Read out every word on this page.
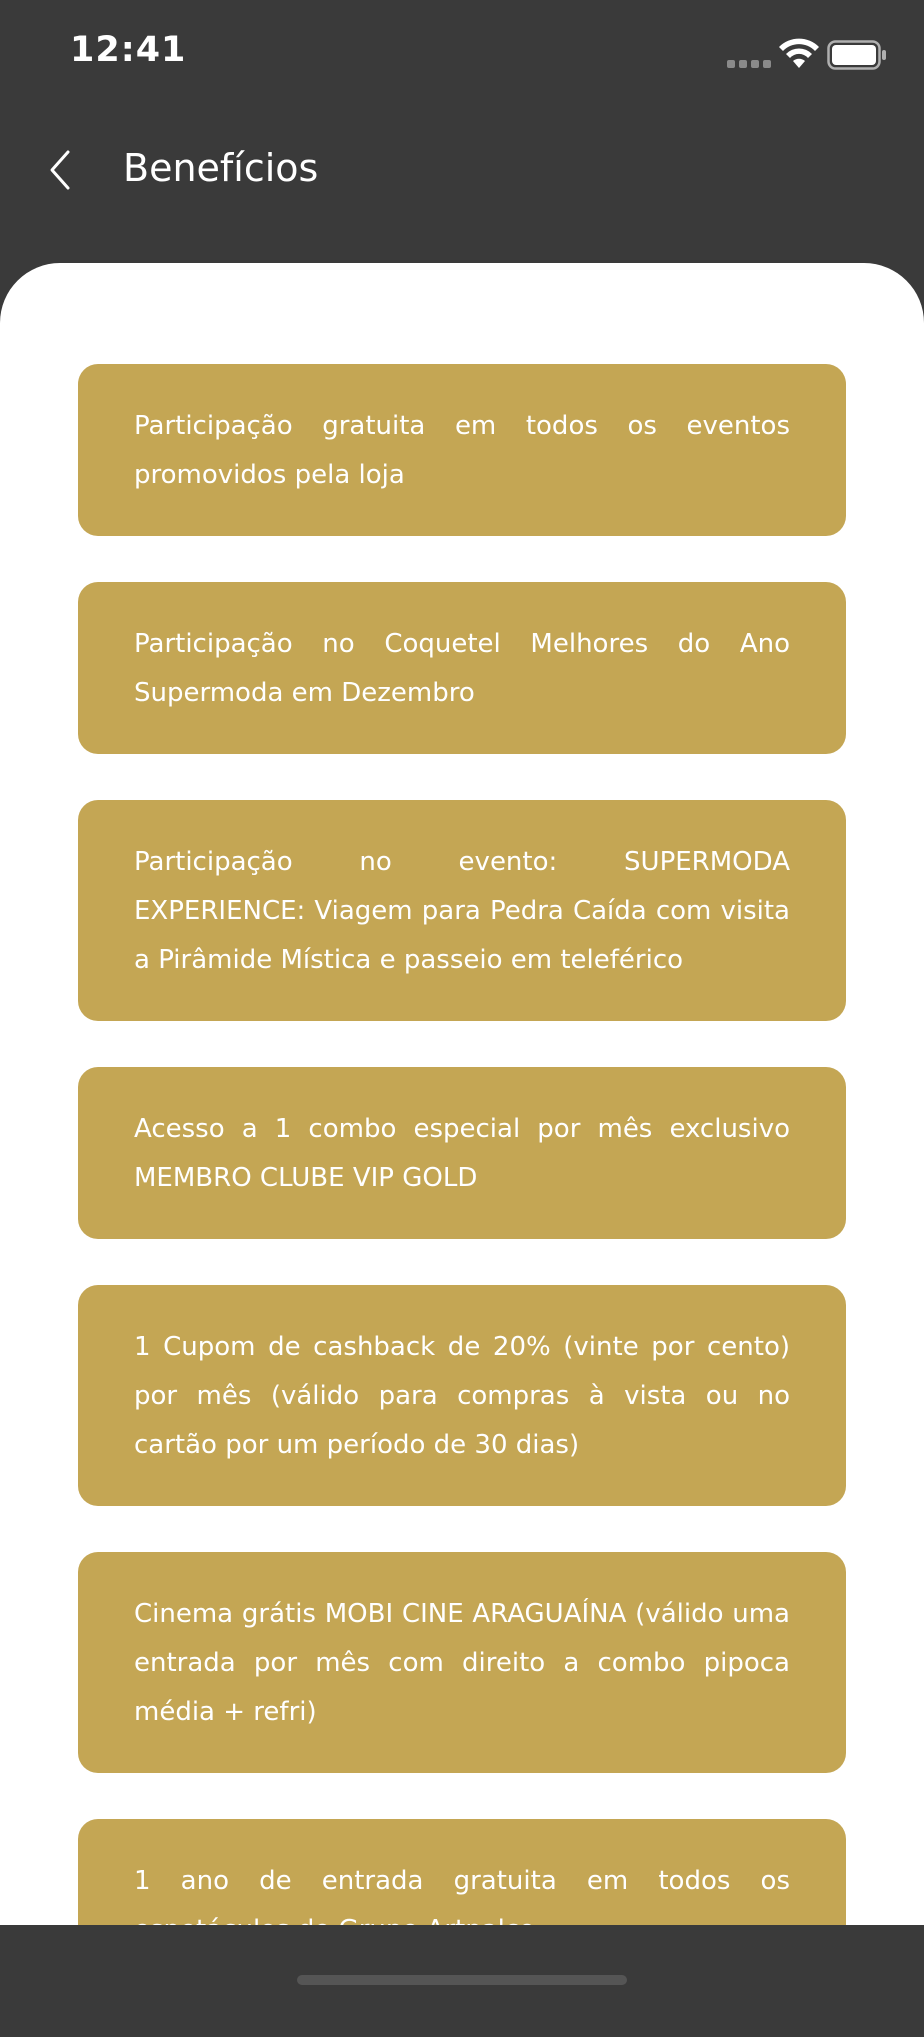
12:41
Benefícios

Participação gratuita em todos os eventos promovidos pela loja

Participação no Coquetel Melhores do Ano Supermoda em Dezembro

Participação no evento: SUPERMODA EXPERIENCE: Viagem para Pedra Caída com visita a Pirâmide Mística e passeio em teleférico

Acesso a 1 combo especial por mês exclusivo MEMBRO CLUBE VIP GOLD

1 Cupom de cashback de 20% (vinte por cento) por mês (válido para compras à vista ou no cartão por um período de 30 dias)

Cinema grátis MOBI CINE ARAGUAÍNA (válido uma entrada por mês com direito a combo pipoca média + refri)

1 ano de entrada gratuita em todos os
